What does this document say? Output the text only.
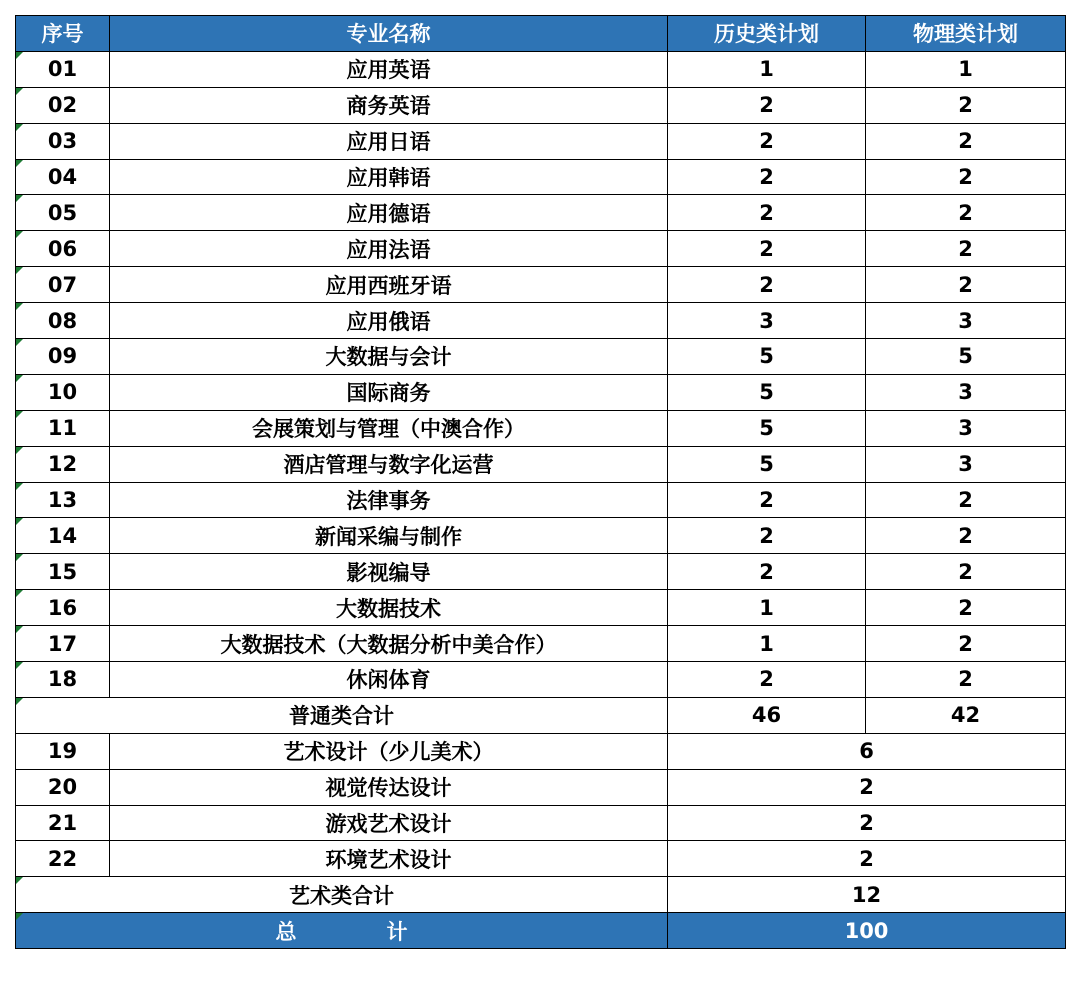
序号	专业名称	历史类计划	物理类计划
01	应用英语	1	1
02	商务英语	2	2
03	应用日语	2	2
04	应用韩语	2	2
05	应用德语	2	2
06	应用法语	2	2
07	应用西班牙语	2	2
08	应用俄语	3	3
09	大数据与会计	5	5
10	国际商务	5	3
11	会展策划与管理（中澳合作）	5	3
12	酒店管理与数字化运营	5	3
13	法律事务	2	2
14	新闻采编与制作	2	2
15	影视编导	2	2
16	大数据技术	1	2
17	大数据技术（大数据分析中美合作）	1	2
18	休闲体育	2	2
普通类合计		46	42
19	艺术设计（少儿美术）	6	
20	视觉传达设计	2	
21	游戏艺术设计	2	
22	环境艺术设计	2	
艺术类合计		12	
总 计		100	
